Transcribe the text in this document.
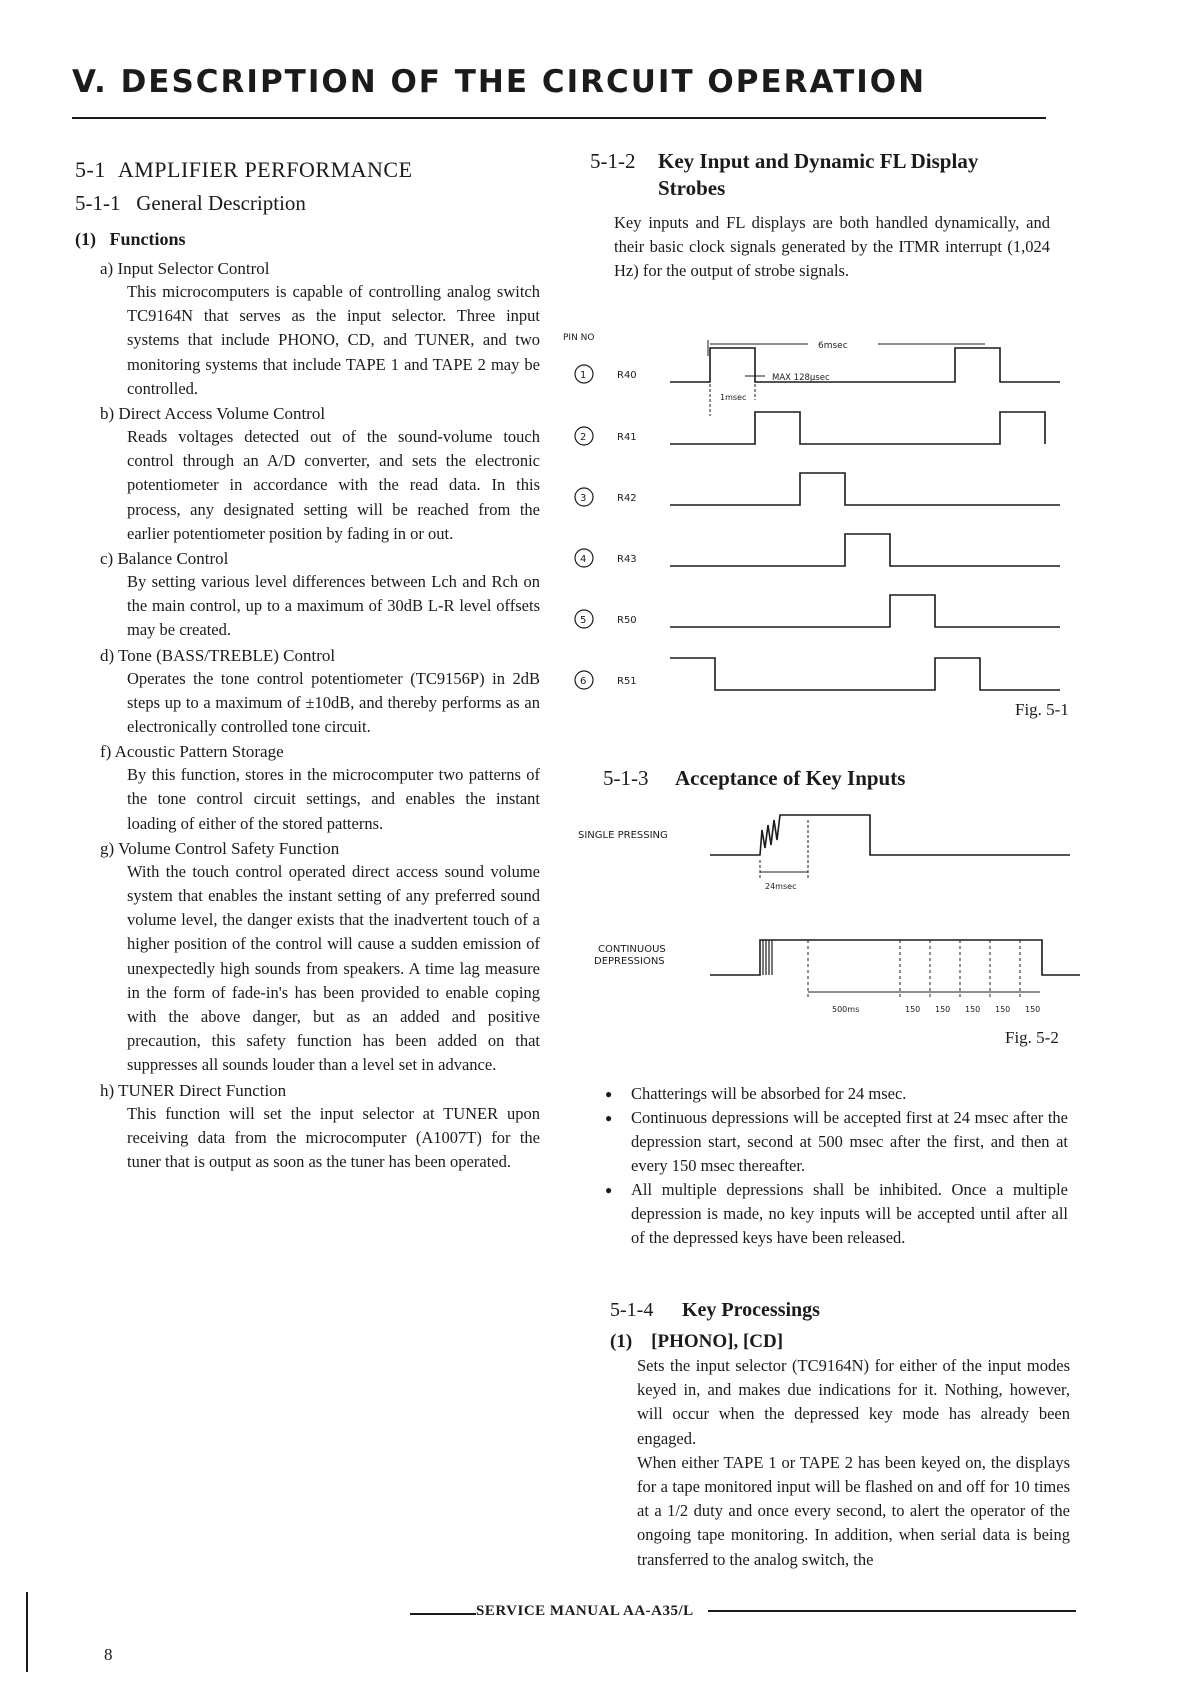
V. DESCRIPTION OF THE CIRCUIT OPERATION
5-1 AMPLIFIER PERFORMANCE
5-1-1 General Description
(1) Functions
a) Input Selector Control
This microcomputers is capable of controlling analog switch TC9164N that serves as the input selector. Three input systems that include PHONO, CD, and TUNER, and two monitoring systems that include TAPE 1 and TAPE 2 may be controlled.
b) Direct Access Volume Control
Reads voltages detected out of the sound-volume touch control through an A/D converter, and sets the electronic potentiometer in accordance with the read data. In this process, any designated setting will be reached from the earlier potentiometer position by fading in or out.
c) Balance Control
By setting various level differences between Lch and Rch on the main control, up to a maximum of 30dB L-R level offsets may be created.
d) Tone (BASS/TREBLE) Control
Operates the tone control potentiometer (TC9156P) in 2dB steps up to a maximum of ±10dB, and thereby performs as an electronically controlled tone circuit.
f) Acoustic Pattern Storage
By this function, stores in the microcomputer two patterns of the tone control circuit settings, and enables the instant loading of either of the stored patterns.
g) Volume Control Safety Function
With the touch control operated direct access sound volume system that enables the instant setting of any preferred sound volume level, the danger exists that the inadvertent touch of a higher position of the control will cause a sudden emission of unexpectedly high sounds from speakers. A time lag measure in the form of fade-in's has been provided to enable coping with the above danger, but as an added and positive precaution, this safety function has been added on that suppresses all sounds louder than a level set in advance.
h) TUNER Direct Function
This function will set the input selector at TUNER upon receiving data from the microcomputer (A1007T) for the tuner that is output as soon as the tuner has been operated.
5-1-2 Key Input and Dynamic FL Display
Strobes
Key inputs and FL displays are both handled dynamically, and their basic clock signals generated by the ITMR interrupt (1,024 Hz) for the output of strobe signals.
PIN NO
1	R40
2	R41
3	R42
4	R43
5	R50
6	R51
6msec
MAX 128µsec
1msec
Fig. 5-1
5-1-3 Acceptance of Key Inputs
SINGLE PRESSING
24msec
CONTINUOUS
DEPRESSIONS
500ms	150 150 150 150 150
Fig. 5-2
● Chatterings will be absorbed for 24 msec.
● Continuous depressions will be accepted first at 24 msec after the depression start, second at 500 msec after the first, and then at every 150 msec thereafter.
● All multiple depressions shall be inhibited. Once a multiple depression is made, no key inputs will be accepted until after all of the depressed keys have been released.
5-1-4 Key Processings
(1) [PHONO], [CD]

Sets the input selector (TC9164N) for either of the input modes keyed in, and makes due indications for it. Nothing, however, will occur when the depressed key mode has already been engaged.

When either TAPE 1 or TAPE 2 has been keyed on, the displays for a tape monitored input will be flashed on and off for 10 times at a 1/2 duty and once every second, to alert the operator of the ongoing tape monitoring. In addition, when serial data is being transferred to the analog switch, the

SERVICE MANUAL AA-A35/L
8
